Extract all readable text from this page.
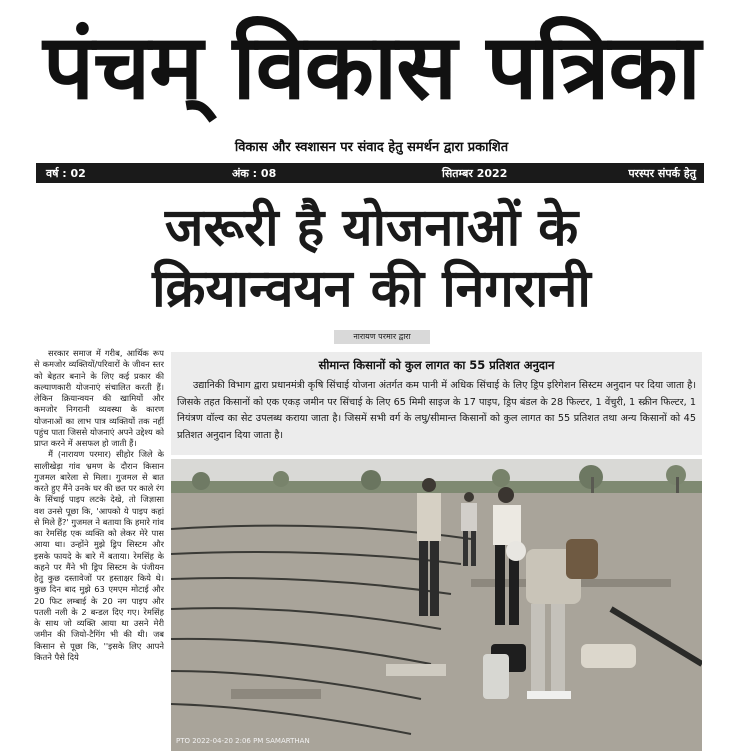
पंचम् विकास पत्रिका
विकास और स्वशासन पर संवाद हेतु समर्थन द्वारा प्रकाशित
वर्ष : 02	अंक : 08	सितम्बर 2022	परस्पर संपर्क हेतु
जरूरी है योजनाओं के
क्रियान्वयन की निगरानी
नारायण परमार द्वारा

सरकार समाज में गरीब, आर्थिक रूप से कमजोर व्यक्तियों/परिवारों के जीवन स्तर को बेहतर बनाने के लिए कई प्रकार की कल्याणकारी योजनाएं संचालित करती हैं। लेकिन क्रियान्वयन की खामियों और कमजोर निगरानी व्यवस्था के कारण योजनाओं का लाभ पात्र व्यक्तियों तक नहीं पहुंच पाता जिससे योजनाएं अपने उद्देश्य को प्राप्त करने में असफल हो जाती हैं।

मैं (नारायण परमार) सीहोर जिले के सालीखेड़ा गांव भ्रमण के दौरान किसान गुजमल बारेला से मिला। गुजमल से बात करते हुए मैंने उनके घर की छत पर काले रंग के सिंचाई पाइप लटके देखे, तो जिज्ञासा वश उनसे पूछा कि, 'आपको ये पाइप कहां से मिले हैं?' गुजमल ने बताया कि हमारे गांव का रेमसिंह एक व्यक्ति को लेकर मेरे पास आया था। उन्होंने मुझे ड्रिप सिस्टम और इसके फायदे के बारे में बताया। रेमसिंह के कहने पर मैंने भी ड्रिप सिस्टम के पंजीयन हेतु कुछ दस्तावेजों पर हस्ताक्षर किये थे। कुछ दिन बाद मुझे 63 एमएम मोटाई और 20 फिट लम्बाई के 20 नग पाइप और पतली नली के 2 बन्डल दिए गए। रेमसिंह के साथ जो व्यक्ति आया था उसने मेरी जमीन की जियो-टैगिंग भी की थी। जब किसान से पूछा कि, ''इसके लिए आपने कितने पैसे दिये

सीमान्त किसानों को कुल लागत का 55 प्रतिशत अनुदान
उद्यानिकी विभाग द्वारा प्रधानमंत्री कृषि सिंचाई योजना अंतर्गत कम पानी में अधिक सिंचाई के लिए ड्रिप इरिगेशन सिस्टम अनुदान पर दिया जाता है। जिसके तहत किसानों को एक एकड़ जमीन पर सिंचाई के लिए 65 मिमी साइज के 17 पाइप, ड्रिप बंडल के 28 फिल्टर, 1 वेंचुरी, 1 स्क्रीन फिल्टर, 1 नियंत्रण वॉल्व का सेट उपलब्ध कराया जाता है। जिसमें सभी वर्ग के लघु/सीमान्त किसानों को कुल लागत का 55 प्रतिशत तथा अन्य किसानों को 45 प्रतिशत अनुदान दिया जाता है।
PTO 2022-04-20 2:06 PM SAMARTHAN
